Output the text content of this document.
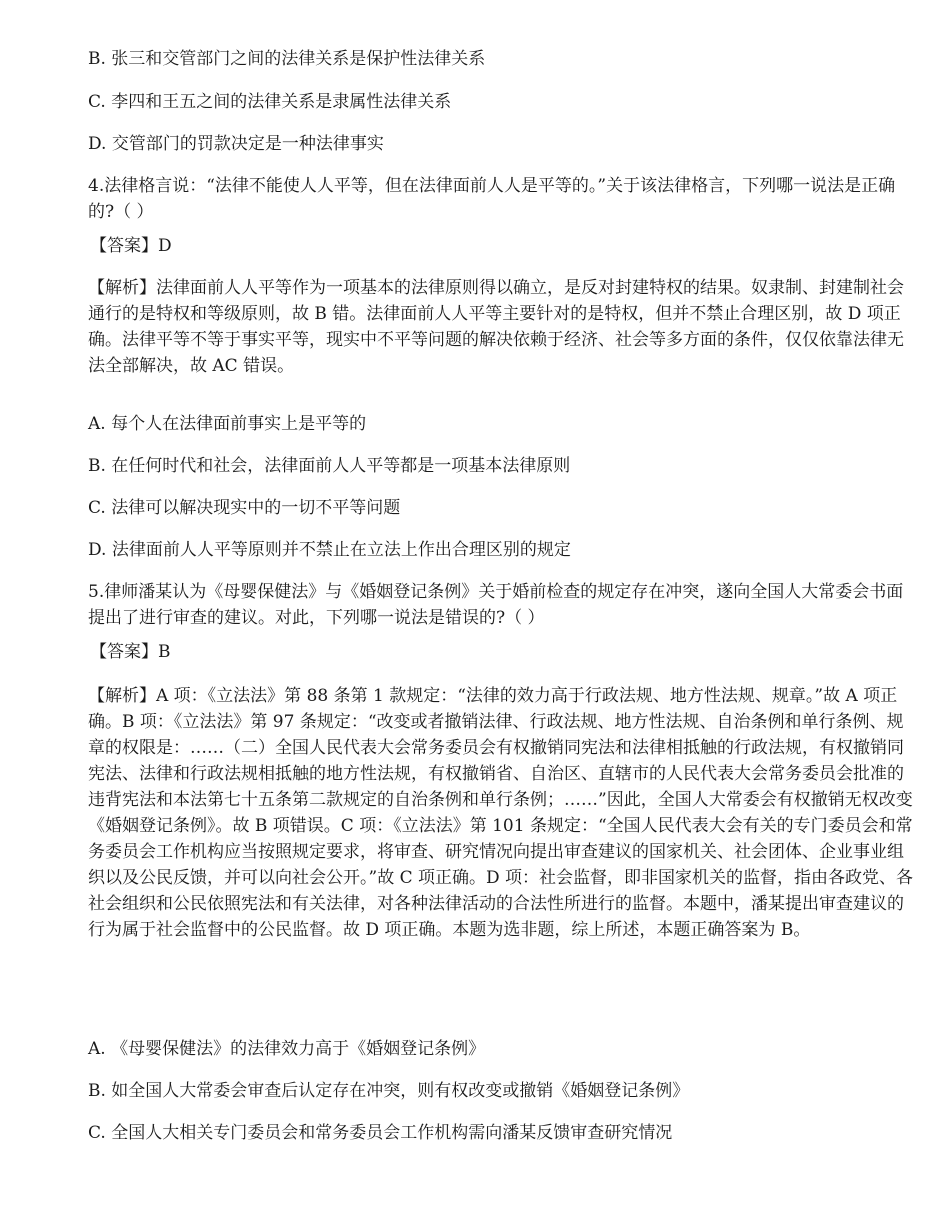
B. 张三和交管部门之间的法律关系是保护性法律关系

C. 李四和王五之间的法律关系是隶属性法律关系

D. 交管部门的罚款决定是一种法律事实

4.法律格言说：“法律不能使人人平等，但在法律面前人人是平等的。”关于该法律格言，下列哪一说法是正确的?（ ）

【答案】D

【解析】法律面前人人平等作为一项基本的法律原则得以确立，是反对封建特权的结果。奴隶制、封建制社会通行的是特权和等级原则，故 B 错。法律面前人人平等主要针对的是特权，但并不禁止合理区别，故 D 项正确。法律平等不等于事实平等，现实中不平等问题的解决依赖于经济、社会等多方面的条件，仅仅依靠法律无法全部解决，故 AC 错误。

A. 每个人在法律面前事实上是平等的

B. 在任何时代和社会，法律面前人人平等都是一项基本法律原则

C. 法律可以解决现实中的一切不平等问题

D. 法律面前人人平等原则并不禁止在立法上作出合理区别的规定

5.律师潘某认为《母婴保健法》与《婚姻登记条例》关于婚前检查的规定存在冲突，遂向全国人大常委会书面提出了进行审查的建议。对此，下列哪一说法是错误的?（ ）

【答案】B

【解析】A 项：《立法法》第 88 条第 1 款规定：“法律的效力高于行政法规、地方性法规、规章。”故 A 项正确。B 项：《立法法》第 97 条规定：“改变或者撤销法律、行政法规、地方性法规、自治条例和单行条例、规章的权限是：……（二）全国人民代表大会常务委员会有权撤销同宪法和法律相抵触的行政法规，有权撤销同宪法、法律和行政法规相抵触的地方性法规，有权撤销省、自治区、直辖市的人民代表大会常务委员会批准的违背宪法和本法第七十五条第二款规定的自治条例和单行条例；……”因此，全国人大常委会有权撤销无权改变《婚姻登记条例》。故 B 项错误。C 项：《立法法》第 101 条规定：“全国人民代表大会有关的专门委员会和常务委员会工作机构应当按照规定要求，将审查、研究情况向提出审查建议的国家机关、社会团体、企业事业组织以及公民反馈，并可以向社会公开。”故 C 项正确。D 项：社会监督，即非国家机关的监督，指由各政党、各社会组织和公民依照宪法和有关法律，对各种法律活动的合法性所进行的监督。本题中，潘某提出审查建议的行为属于社会监督中的公民监督。故 D 项正确。本题为选非题，综上所述，本题正确答案为 B。

A. 《母婴保健法》的法律效力高于《婚姻登记条例》

B. 如全国人大常委会审查后认定存在冲突，则有权改变或撤销《婚姻登记条例》

C. 全国人大相关专门委员会和常务委员会工作机构需向潘某反馈审查研究情况
